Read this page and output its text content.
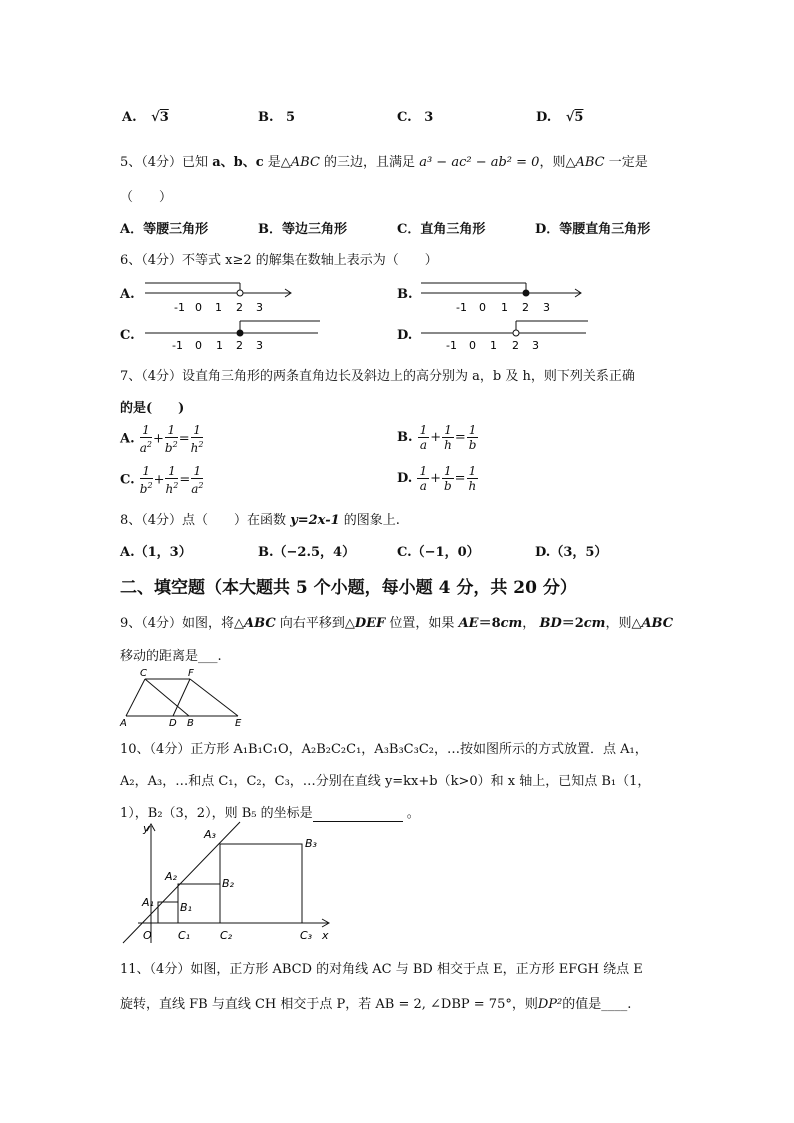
A. √3	B. 5	C. 3	D. √5
5、（4分）已知 a、b、c 是△ABC 的三边，且满足 a³ − ac² − ab² = 0，则△ABC 一定是
（　　）
A．等腰三角形	B．等边三角形	C．直角三角形	D．等腰直角三角形
6、（4分）不等式 x≥2 的解集在数轴上表示为（　　）
A.
-1 0 1 2 3
B.
-1 0 1 2 3
C.
-1 0 1 2 3
D.
-1 0 1 2 3
7、（4分）设直角三角形的两条直角边长及斜边上的高分别为 a，b 及 h，则下列关系正确
的是(　　)
A. $\frac{1}{a^2} + \frac{1}{b^2} = \frac{1}{h^2}$	B. $\frac{1}{a} + \frac{1}{h} = \frac{1}{b}$
C. $\frac{1}{b^2} + \frac{1}{h^2} = \frac{1}{a^2}$	D. $\frac{1}{a} + \frac{1}{b} = \frac{1}{h}$
8、（4分）点（　　）在函数 y=2x-1 的图象上.
A.（1，3）	B.（−2.5，4）	C.（−1，0）	D.（3，5）
二、填空题（本大题共 5 个小题，每小题 4 分，共 20 分）
9、（4分）如图，将△ABC 向右平移到△DEF 位置，如果 AE＝8cm， BD＝2cm，则△ABC
移动的距离是___.
C	F
A	D B	E
10、（4分）正方形 A₁B₁C₁O，A₂B₂C₂C₁，A₃B₃C₃C₂，…按如图所示的方式放置．点 A₁，
A₂，A₃，…和点 C₁，C₂，C₃，…分别在直线 y=kx+b（k>0）和 x 轴上，已知点 B₁（1，
1），B₂（3，2），则 B₅ 的坐标是	。
y	A₃
B₃
A₂
B₂
A₁ B₁
O C₁	C₂	C₃ x
11、（4分）如图，正方形 ABCD 的对角线 AC 与 BD 相交于点 E，正方形 EFGH 绕点 E
旋转，直线 FB 与直线 CH 相交于点 P，若 AB = 2, ∠DBP = 75°，则DP²的值是____.
